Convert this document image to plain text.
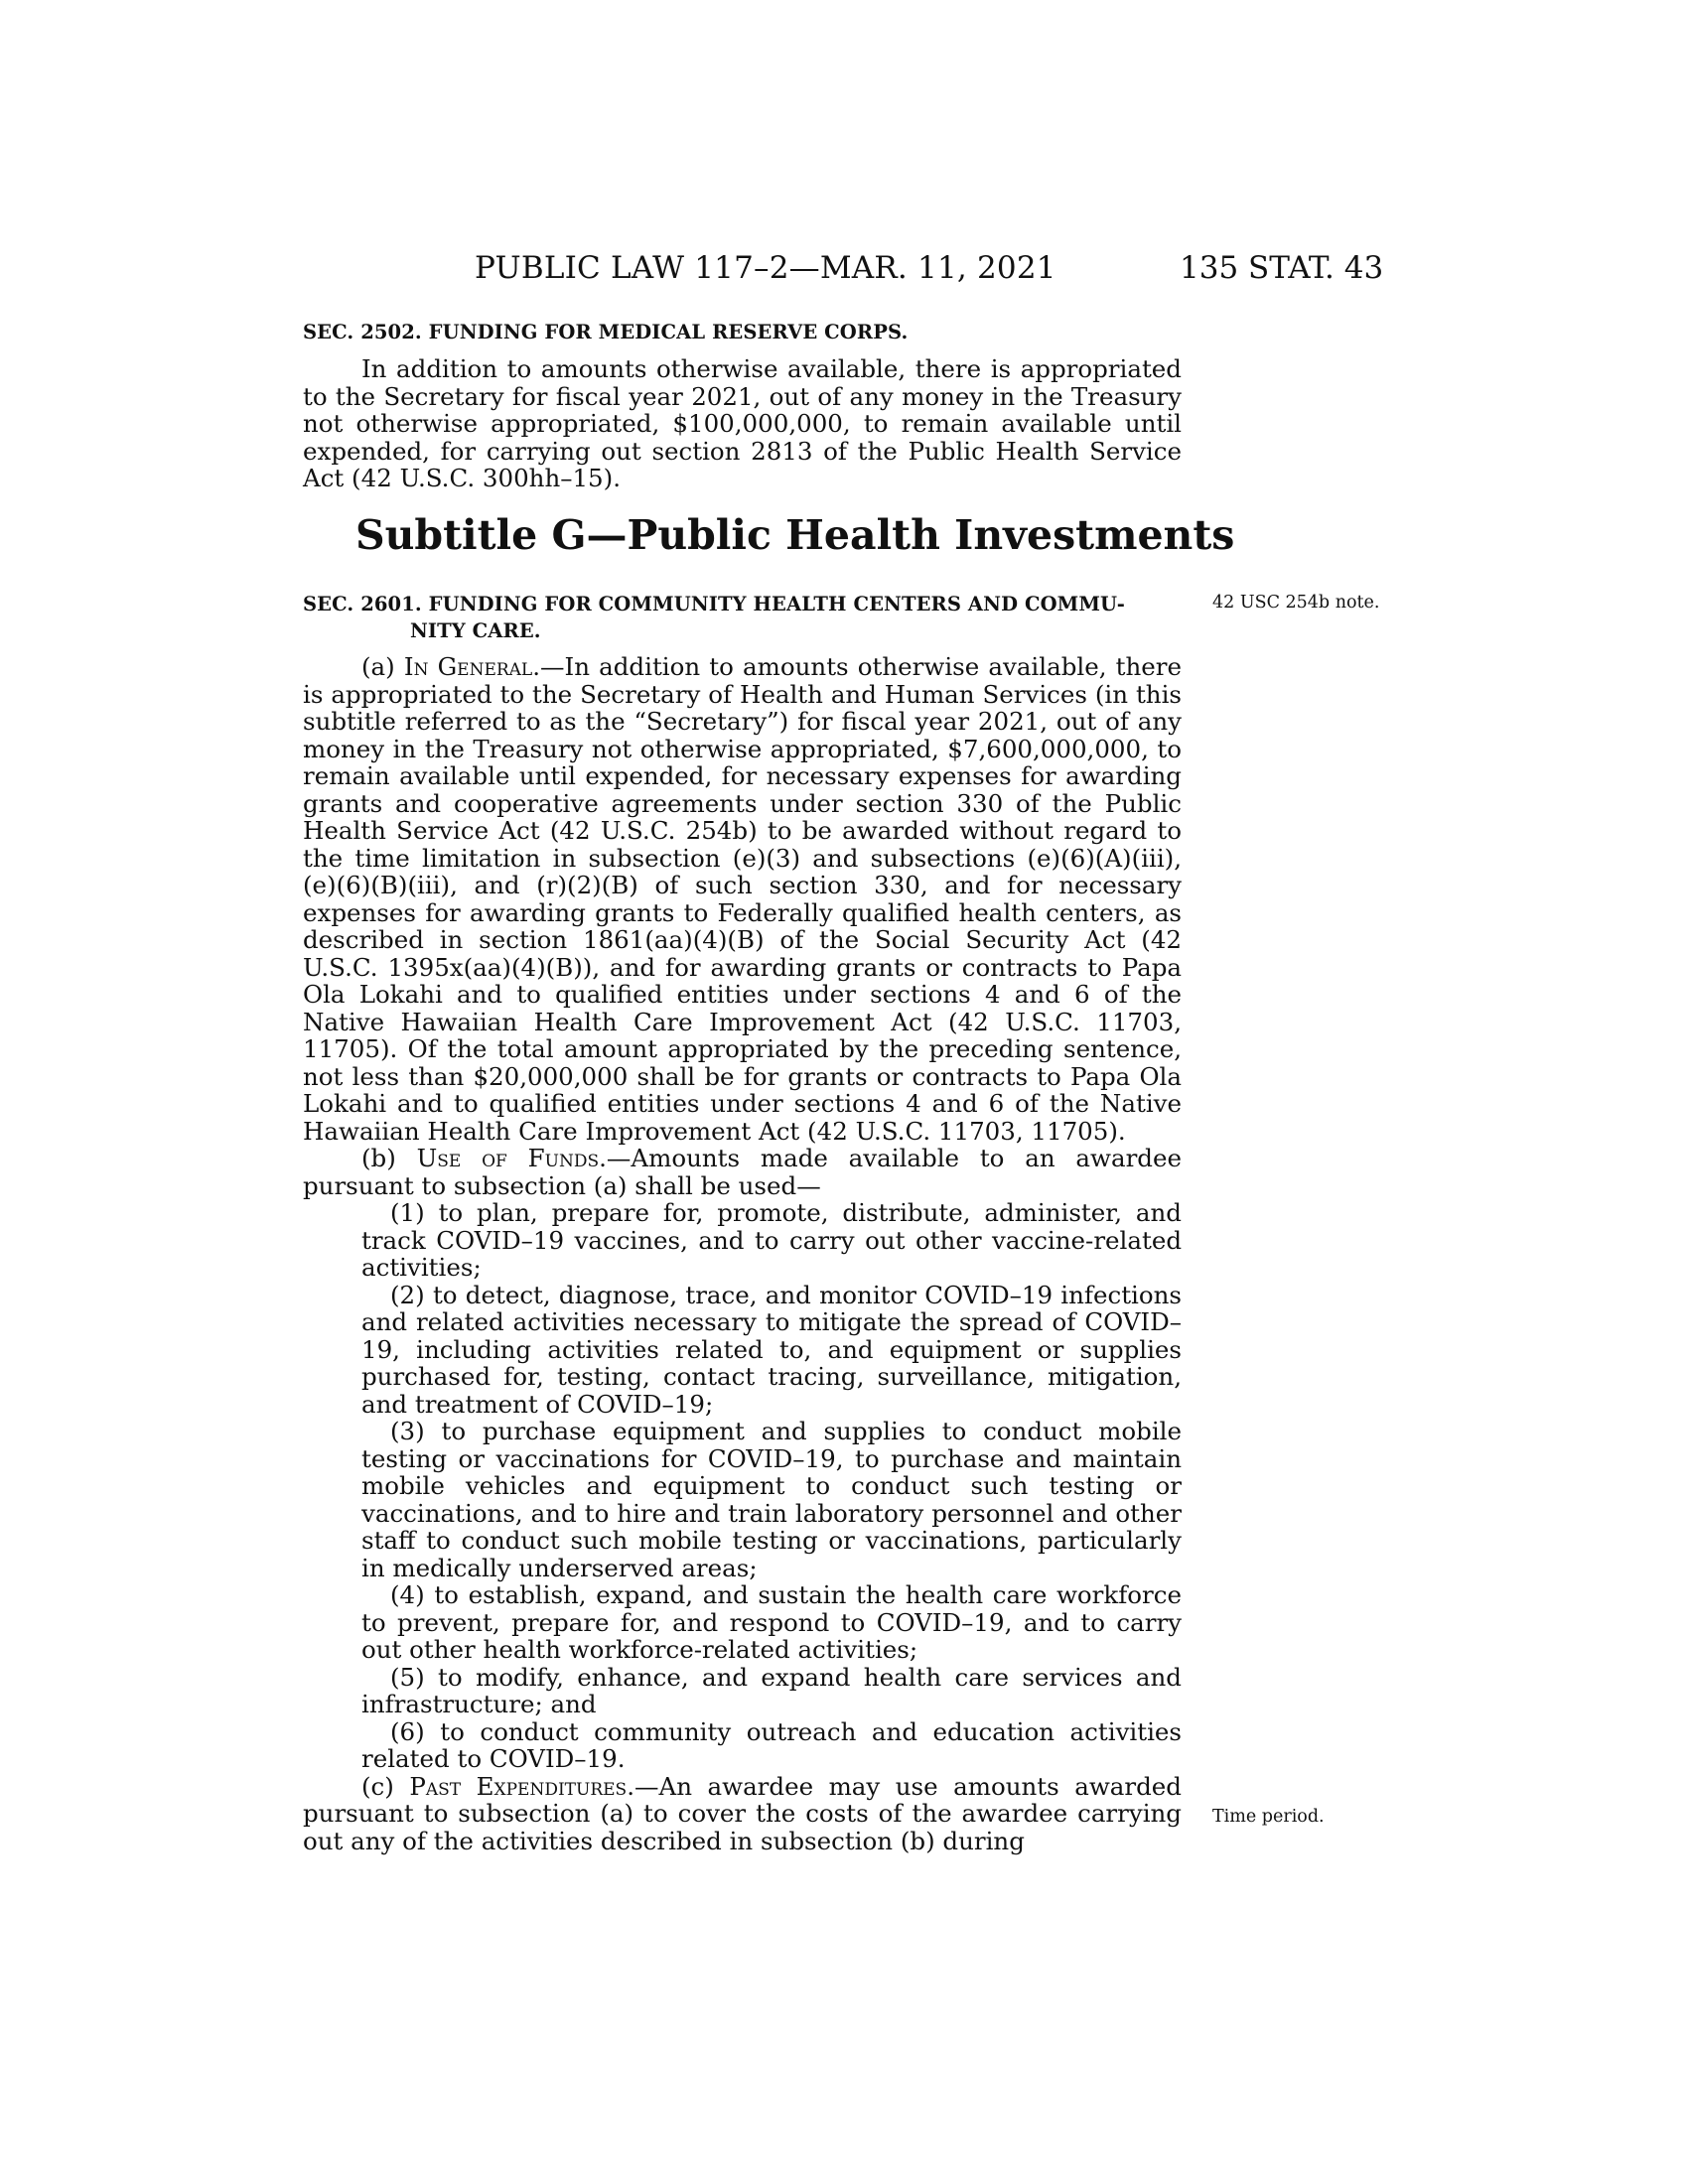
PUBLIC LAW 117–2—MAR. 11, 2021	135 STAT. 43
SEC. 2502. FUNDING FOR MEDICAL RESERVE CORPS.

In addition to amounts otherwise available, there is appropriated to the Secretary for fiscal year 2021, out of any money in the Treasury not otherwise appropriated, $100,000,000, to remain available until expended, for carrying out section 2813 of the Public Health Service Act (42 U.S.C. 300hh–15).

Subtitle G—Public Health Investments
42 USC 254b note.
SEC. 2601. FUNDING FOR COMMUNITY HEALTH CENTERS AND COMMU-
NITY CARE.

(a) In General.—In addition to amounts otherwise available, there is appropriated to the Secretary of Health and Human Services (in this subtitle referred to as the “Secretary”) for fiscal year 2021, out of any money in the Treasury not otherwise appropriated, $7,600,000,000, to remain available until expended, for necessary expenses for awarding grants and cooperative agreements under section 330 of the Public Health Service Act (42 U.S.C. 254b) to be awarded without regard to the time limitation in subsection (e)(3) and subsections (e)(6)(A)(iii), (e)(6)(B)(iii), and (r)(2)(B) of such section 330, and for necessary expenses for awarding grants to Federally qualified health centers, as described in section 1861(aa)(4)(B) of the Social Security Act (42 U.S.C. 1395x(aa)(4)(B)), and for awarding grants or contracts to Papa Ola Lokahi and to qualified entities under sections 4 and 6 of the Native Hawaiian Health Care Improvement Act (42 U.S.C. 11703, 11705). Of the total amount appropriated by the preceding sentence, not less than $20,000,000 shall be for grants or contracts to Papa Ola Lokahi and to qualified entities under sections 4 and 6 of the Native Hawaiian Health Care Improvement Act (42 U.S.C. 11703, 11705).

(b) Use of Funds.—Amounts made available to an awardee pursuant to subsection (a) shall be used—

(1) to plan, prepare for, promote, distribute, administer, and track COVID–19 vaccines, and to carry out other vaccine-related activities;

(2) to detect, diagnose, trace, and monitor COVID–19 infections and related activities necessary to mitigate the spread of COVID–19, including activities related to, and equipment or supplies purchased for, testing, contact tracing, surveillance, mitigation, and treatment of COVID–19;

(3) to purchase equipment and supplies to conduct mobile testing or vaccinations for COVID–19, to purchase and maintain mobile vehicles and equipment to conduct such testing or vaccinations, and to hire and train laboratory personnel and other staff to conduct such mobile testing or vaccinations, particularly in medically underserved areas;

(4) to establish, expand, and sustain the health care workforce to prevent, prepare for, and respond to COVID–19, and to carry out other health workforce-related activities;

(5) to modify, enhance, and expand health care services and infrastructure; and

(6) to conduct community outreach and education activities related to COVID–19.

(c) Past Expenditures.—An awardee may use amounts awarded pursuant to subsection (a) to cover the costs of the awardee carrying out any of the activities described in subsection (b) during

Time period.
